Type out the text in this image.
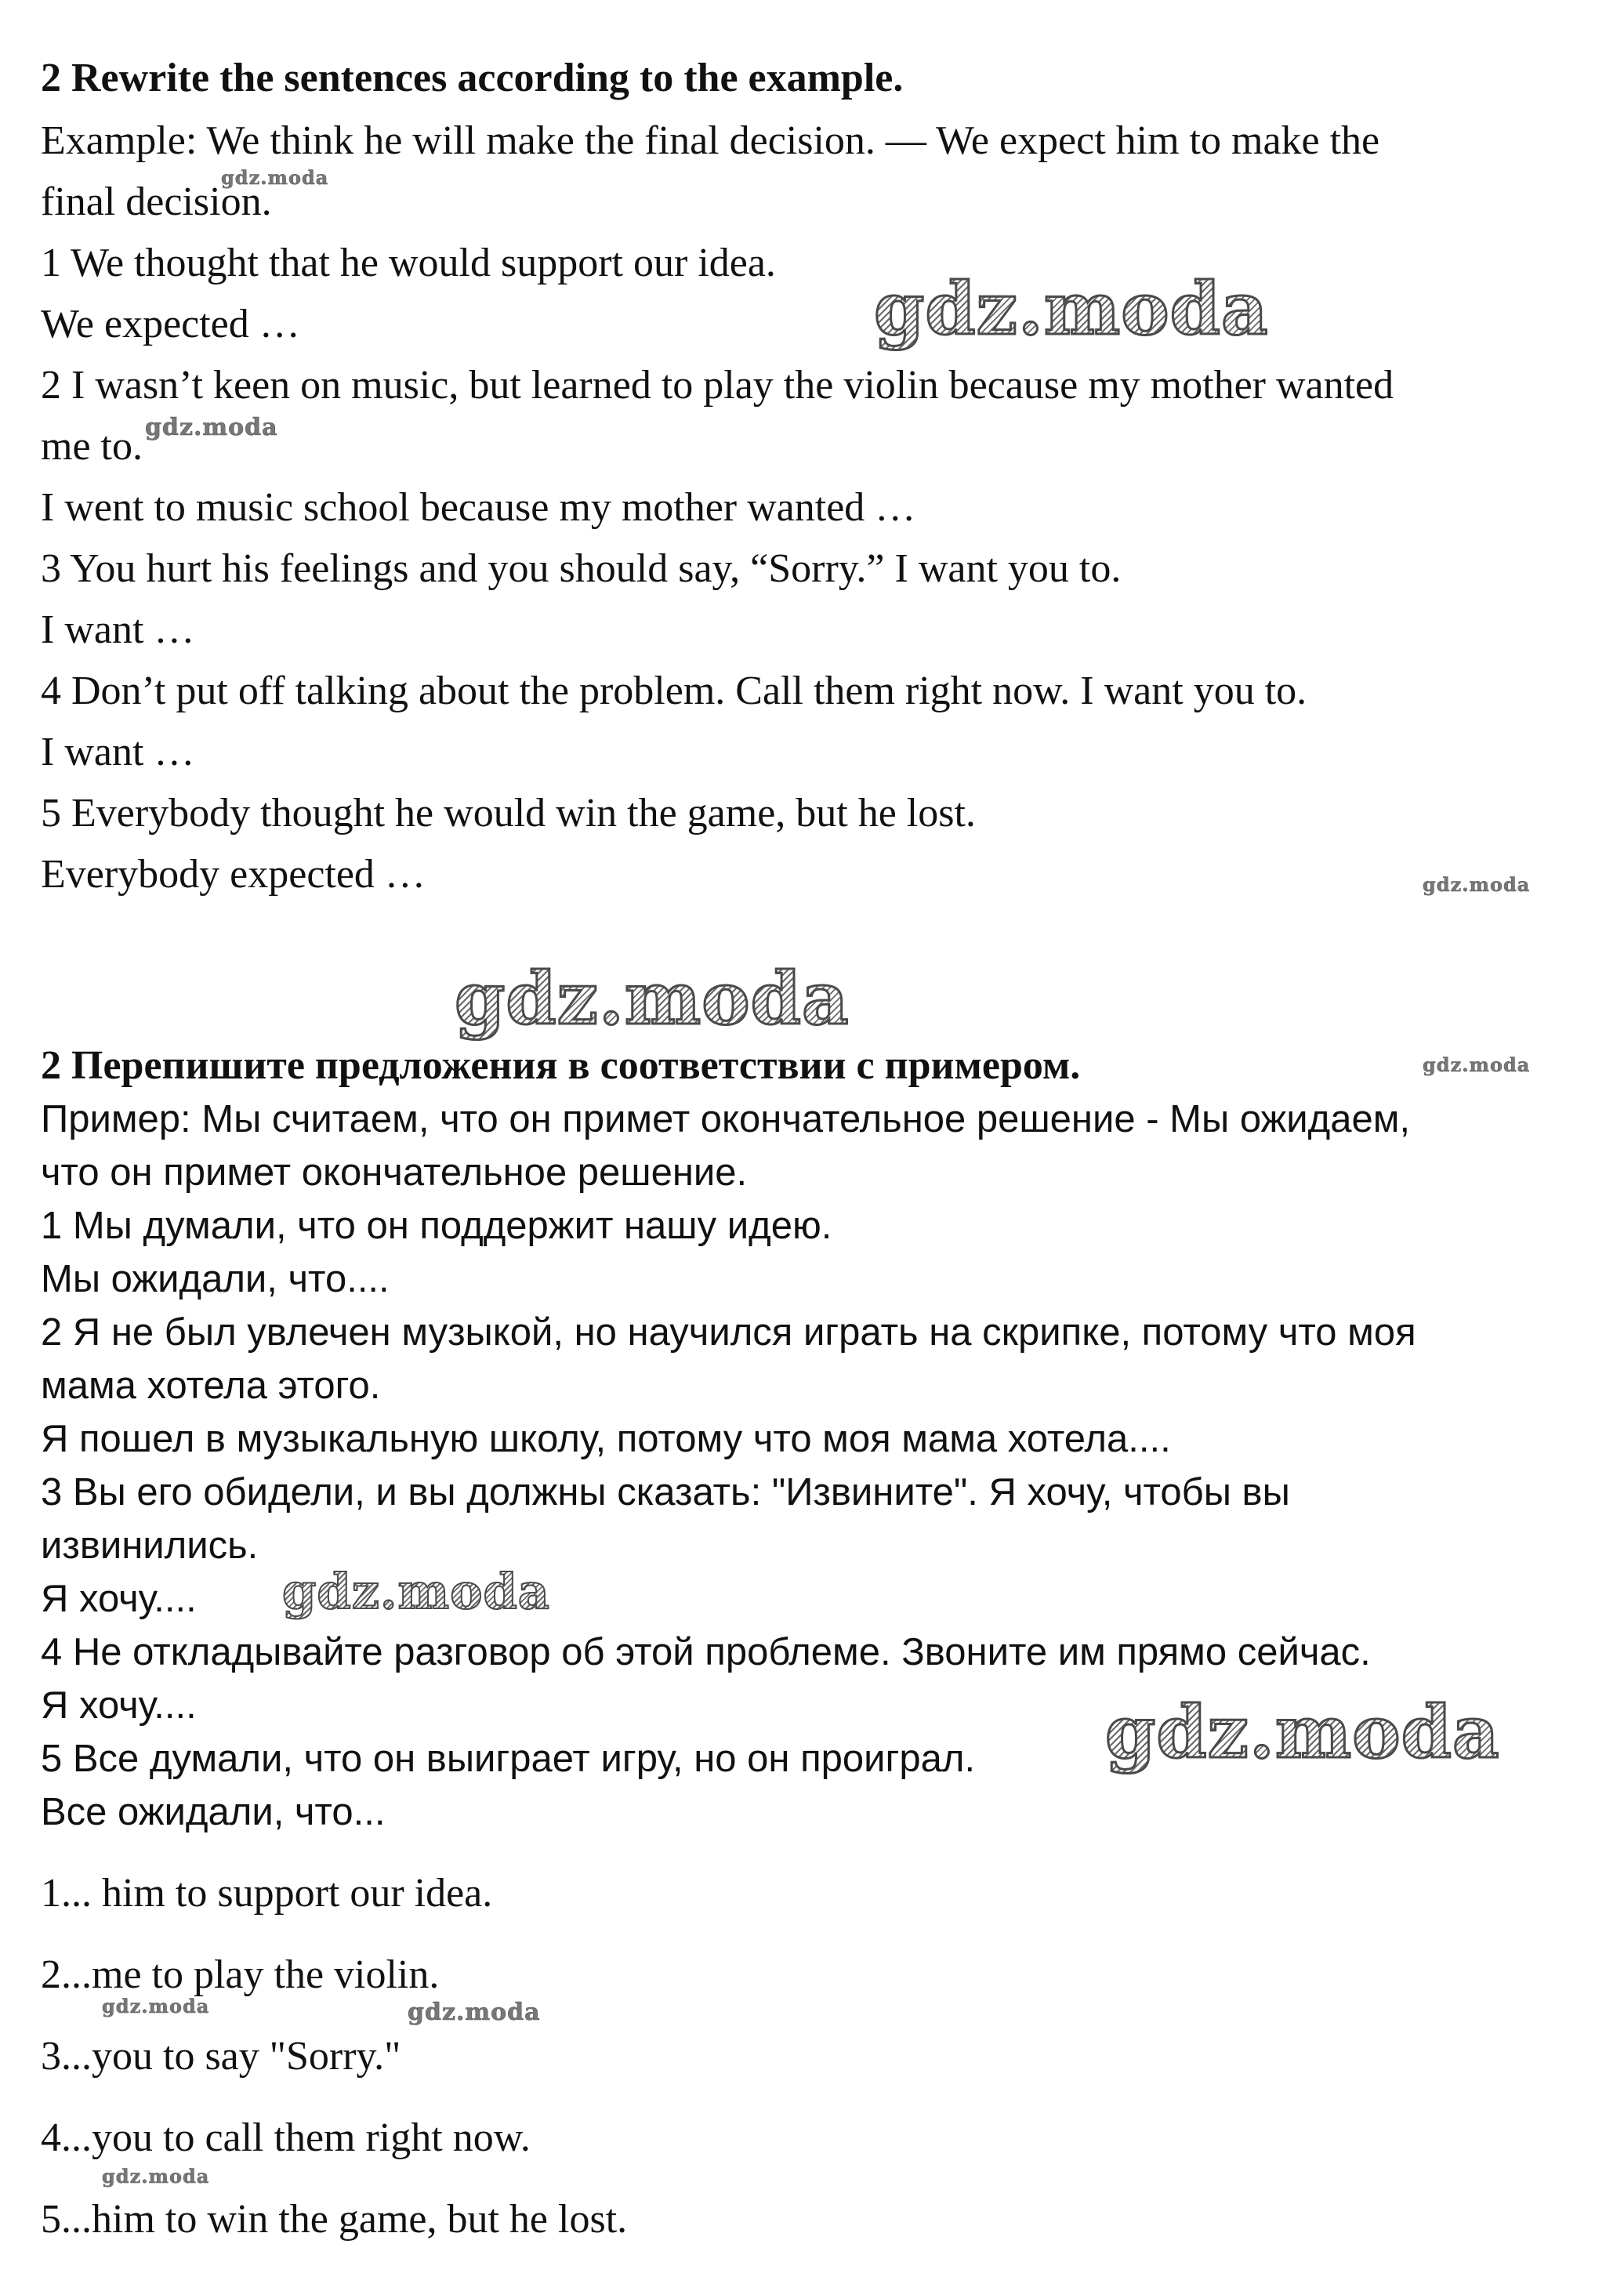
2 Rewrite the sentences according to the example.
Example: We think he will make the final decision. — We expect him to make the
final decision.
1 We thought that he would support our idea.
We expected …
2 I wasn’t keen on music, but learned to play the violin because my mother wanted
me to.
I went to music school because my mother wanted …
3 You hurt his feelings and you should say, “Sorry.” I want you to.
I want …
4 Don’t put off talking about the problem. Call them right now. I want you to.
I want …
5 Everybody thought he would win the game, but he lost.
Everybody expected …
2 Перепишите предложения в соответствии с примером.
Пример: Мы считаем, что он примет окончательное решение - Мы ожидаем,
что он примет окончательное решение.
1 Мы думали, что он поддержит нашу идею.
Мы ожидали, что....
2 Я не был увлечен музыкой, но научился играть на скрипке, потому что моя
мама хотела этого.
Я пошел в музыкальную школу, потому что моя мама хотела....
3 Вы его обидели, и вы должны сказать: "Извините". Я хочу, чтобы вы
извинились.
Я хочу....
4 Не откладывайте разговор об этой проблеме. Звоните им прямо сейчас.
Я хочу....
5 Все думали, что он выиграет игру, но он проиграл.
Все ожидали, что...
1... him to support our idea.
2...me to play the violin.
3...you to say "Sorry."
4...you to call them right now.
5...him to win the game, but he lost.
gdz.moda
gdz.moda
gdz.moda
gdz.moda
gdz.moda
gdz.moda
gdz.moda
gdz.moda
gdz.moda	gdz.moda
gdz.moda
